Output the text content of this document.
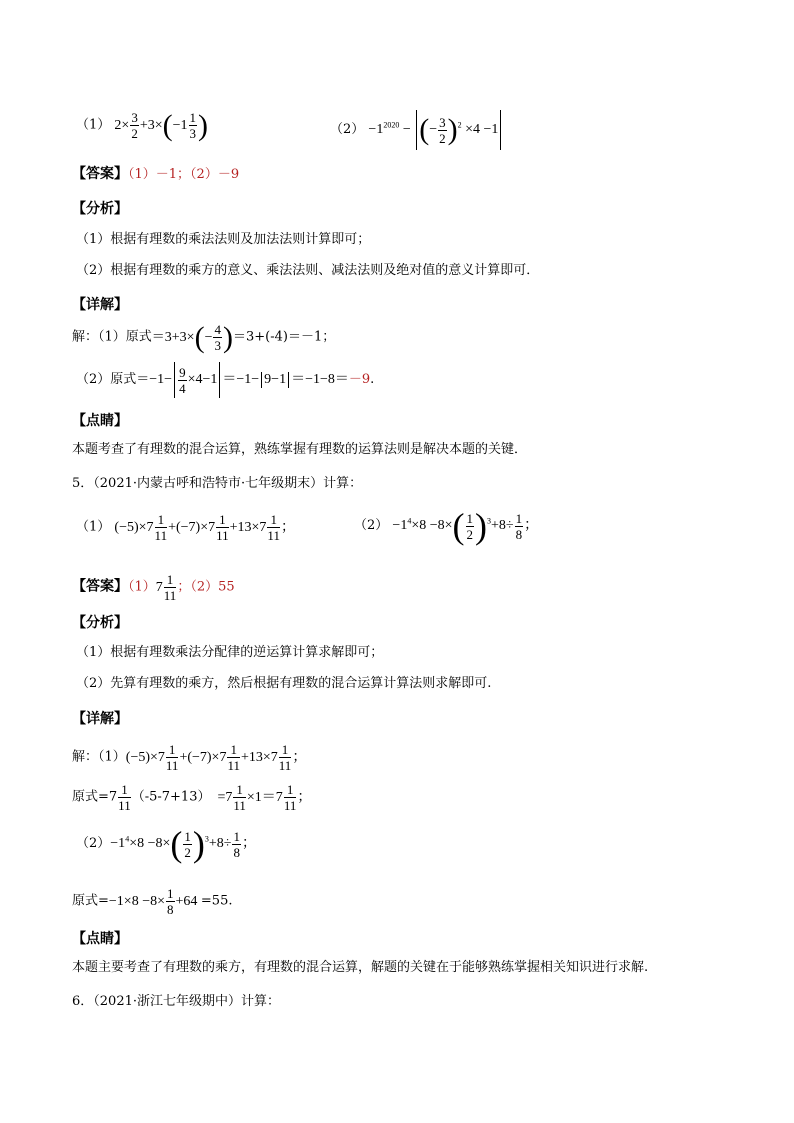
（1） $2\times \frac{3}{2} +3\times(-1 \frac{1}{3}$ )	$(2) -1^{2020}$ − (− $\frac{3}{2} )^2 \times 4 -1$
【答案】（1）－1；（2）－9
【分析】
（1）根据有理数的乘法法则及加法法则计算即可；
（2）根据有理数的乘方的意义、乘法法则、减法法则及绝对值的意义计算即可．
【详解】
解：（1）原式$=3+3\times(- \frac{4}{3} )=3+(-4)=-1$；
（2）原式$=-1- \frac{9}{4} \times 4-1 =-1- 9-1 =-1-8=-9$.
【点睛】
本题考查了有理数的混合运算，熟练掌握有理数的运算法则是解决本题的关键．
5．（2021·内蒙古呼和浩特市·七年级期末）计算：
（1） $(-5)\times 7 \frac{1}{11} +(-7)\times 7 \frac{1}{11} +13\times 7 \frac{1}{11}$ ；	$(2) -1^4\times 8 -8\times( \frac{1}{2} )^3+8\div \frac{1}{8}$ ；
【答案】$(1)7 \frac{1}{11}$ ；（2）55
【分析】
（1）根据有理数乘法分配律的逆运算计算求解即可；
（2）先算有理数的乘方，然后根据有理数的混合运算计算法则求解即可.
【详解】
解：$(1)(-5)\times 7 \frac{1}{11} +(-7)\times 7 \frac{1}{11} +13\times 7 \frac{1}{11}$ ；
原式$=7 \frac{1}{11} (-5-7+13) =7 \frac{1}{11} \times 1=7 \frac{1}{11}$ ；
$(2)-1^4\times 8 -8\times( \frac{1}{2} )^3+8\div \frac{1}{8}$ ；
原式$=-1\times 8 -8\times \frac{1}{8} +64 =55$.
【点睛】
本题主要考查了有理数的乘方，有理数的混合运算，解题的关键在于能够熟练掌握相关知识进行求解.
6．（2021·浙江七年级期中）计算：
